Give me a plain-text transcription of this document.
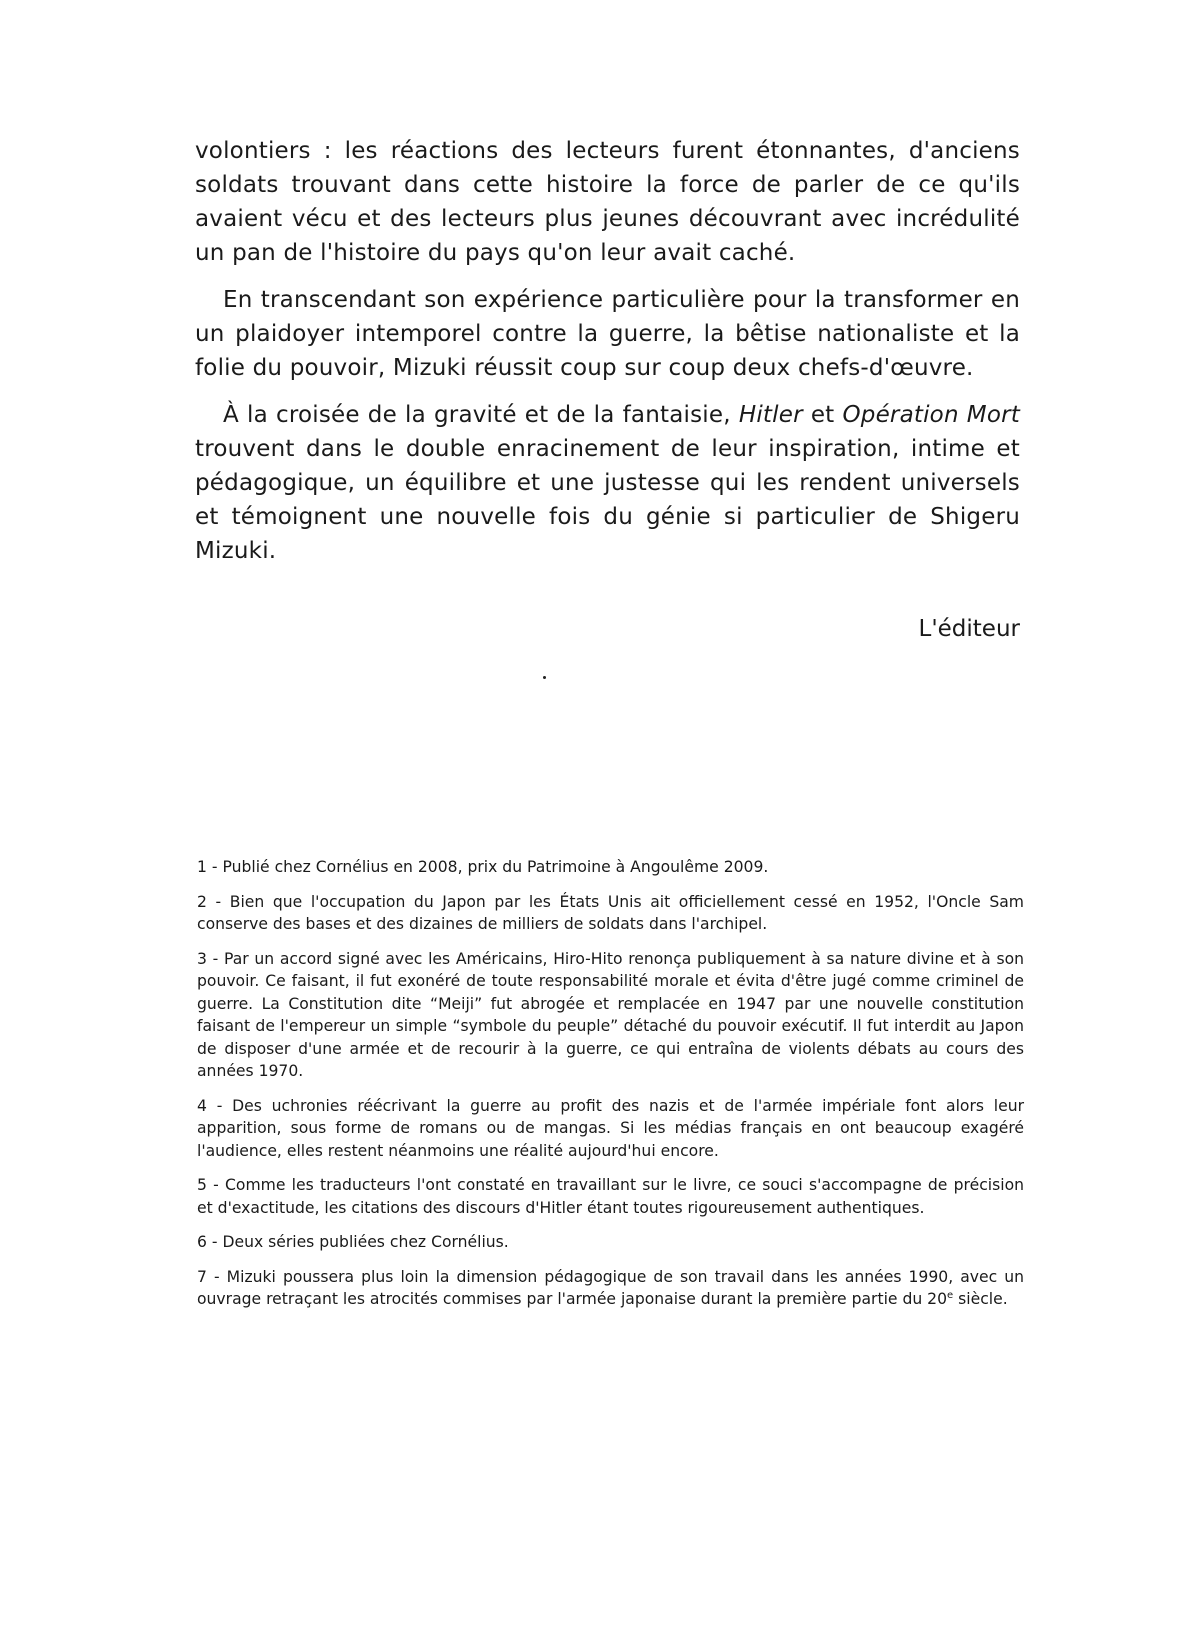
volontiers : les réactions des lecteurs furent étonnantes, d'anciens soldats trouvant dans cette histoire la force de parler de ce qu'ils avaient vécu et des lecteurs plus jeunes découvrant avec incrédulité un pan de l'histoire du pays qu'on leur avait caché.

En transcendant son expérience particulière pour la transformer en un plaidoyer intemporel contre la guerre, la bêtise nationaliste et la folie du pouvoir, Mizuki réussit coup sur coup deux chefs-d'œuvre.

À la croisée de la gravité et de la fantaisie, Hitler et Opération Mort trouvent dans le double enracinement de leur inspiration, intime et pédagogique, un équilibre et une justesse qui les rendent universels et témoignent une nouvelle fois du génie si particulier de Shigeru Mizuki.

L'éditeur

1 - Publié chez Cornélius en 2008, prix du Patrimoine à Angoulême 2009.

2 - Bien que l'occupation du Japon par les États Unis ait officiellement cessé en 1952, l'Oncle Sam conserve des bases et des dizaines de milliers de soldats dans l'archipel.

3 - Par un accord signé avec les Américains, Hiro-Hito renonça publiquement à sa nature divine et à son pouvoir. Ce faisant, il fut exonéré de toute responsabilité morale et évita d'être jugé comme criminel de guerre. La Constitution dite “Meiji” fut abrogée et remplacée en 1947 par une nouvelle constitution faisant de l'empereur un simple “symbole du peuple” détaché du pouvoir exécutif. Il fut interdit au Japon de disposer d'une armée et de recourir à la guerre, ce qui entraîna de violents débats au cours des années 1970.

4 - Des uchronies réécrivant la guerre au profit des nazis et de l'armée impériale font alors leur apparition, sous forme de romans ou de mangas. Si les médias français en ont beaucoup exagéré l'audience, elles restent néanmoins une réalité aujourd'hui encore.

5 - Comme les traducteurs l'ont constaté en travaillant sur le livre, ce souci s'accompagne de précision et d'exactitude, les citations des discours d'Hitler étant toutes rigoureusement authentiques.

6 - Deux séries publiées chez Cornélius.

7 - Mizuki poussera plus loin la dimension pédagogique de son travail dans les années 1990, avec un ouvrage retraçant les atrocités commises par l'armée japonaise durant la première partie du 20e siècle.
